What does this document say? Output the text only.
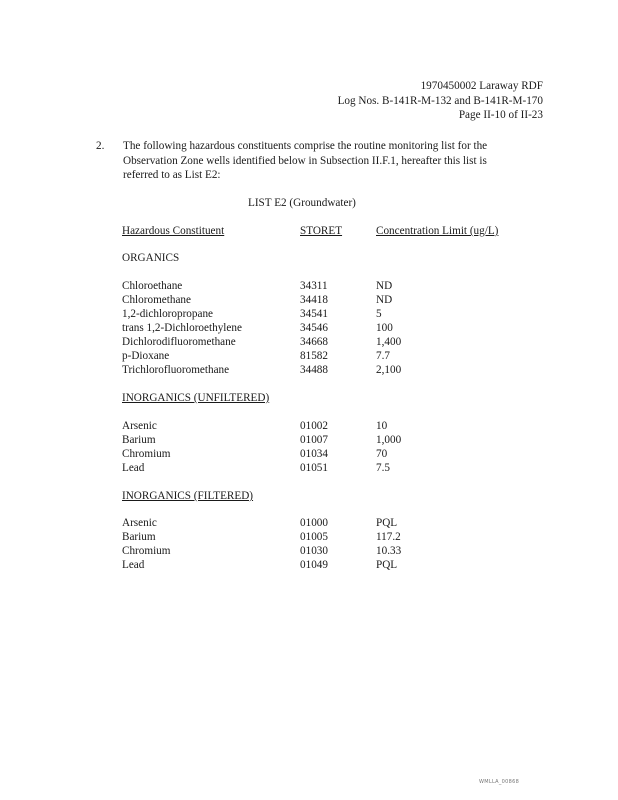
1970450002 Laraway RDF
Log Nos. B-141R-M-132 and B-141R-M-170
Page II-10 of II-23
2. The following hazardous constituents comprise the routine monitoring list for the
Observation Zone wells identified below in Subsection II.F.1, hereafter this list is
referred to as List E2:
LIST E2 (Groundwater)
Hazardous Constituent	STORET	Concentration Limit (ug/L)
ORGANICS
Chloroethane	34311	ND
Chloromethane	34418	ND
1,2-dichloropropane	34541	5
trans 1,2-Dichloroethylene	34546	100
Dichlorodifluoromethane	34668	1,400
p-Dioxane	81582	7.7
Trichlorofluoromethane	34488	2,100
INORGANICS (UNFILTERED)
Arsenic	01002	10
Barium	01007	1,000
Chromium	01034	70
Lead	01051	7.5
INORGANICS (FILTERED)
Arsenic	01000	PQL
Barium	01005	117.2
Chromium	01030	10.33
Lead	01049	PQL
WMLLA_00868
